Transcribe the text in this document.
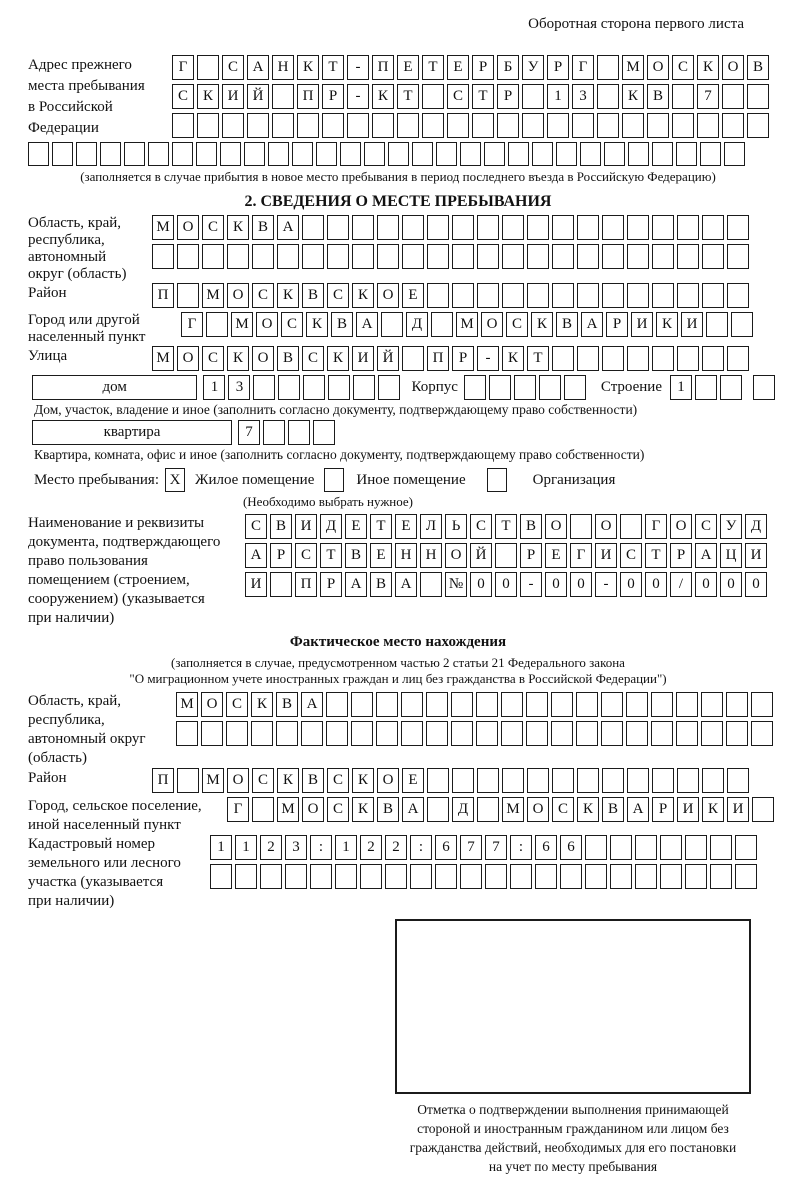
Оборотная сторона первого листа
Адрес прежнего
места пребывания
в Российской
Федерации
Г	С А Н К	Т	-	П Е	Т	Е	Р	Б	У	Р	Г	М О С К О В
С К И Й	П	Р	-	К	Т	С	Т	Р	1	3	К В	7
(заполняется в случае прибытия в новое место пребывания в период последнего въезда в Российскую Федерацию)
2. СВЕДЕНИЯ О МЕСТЕ ПРЕБЫВАНИЯ
Область, край,
республика,
автономный
округ (область)
М О С К В А
Район	П	М О С К В С К О Е
Город или другой
населенный пункт
Г	М О С К В А	Д	М О С К В А	Р	И К И
Улица	М О С К О В С К И Й	П	Р	-	К	Т
дом	1	3	Корпус	Строение	1
Дом, участок, владение и иное (заполнить согласно документу, подтверждающему право собственности)
квартира	7
Квартира, комната, офис и иное (заполнить согласно документу, подтверждающему право собственности)
Место пребывания: X Жилое помещение	Иное помещение	Организация
(Необходимо выбрать нужное)
Наименование и реквизиты
документа, подтверждающего
право пользования
помещением (строением,
сооружением) (указывается
при наличии)
С В И Д	Е	Т	Е	Л	Ь	С	Т	В О	О	Г	О С У Д
А	Р	С	Т	В	Е	Н Н О Й	Р	Е	Г	И С	Т	Р	А Ц И
И	П	Р	А В А	№ 0	0	-	0	0	-	0	0	/	0	0	0
Фактическое место нахождения
(заполняется в случае, предусмотренном частью 2 статьи 21 Федерального закона
"О миграционном учете иностранных граждан и лиц без гражданства в Российской Федерации")
Область, край,
республика,
автономный округ
(область)
М О С К В А
Район	П	М О С К В С К О Е
Город, сельское поселение,
иной населенный пункт
Г	М О С К В А	Д	М О С К В А	Р	И К И
Кадастровый номер
земельного или лесного
участка (указывается
при наличии)
1	1	2	3	:	1	2	2	:	6	7	7	:	6	6
Отметка о подтверждении выполнения принимающей
стороной и иностранным гражданином или лицом без
гражданства действий, необходимых для его постановки
на учет по месту пребывания
